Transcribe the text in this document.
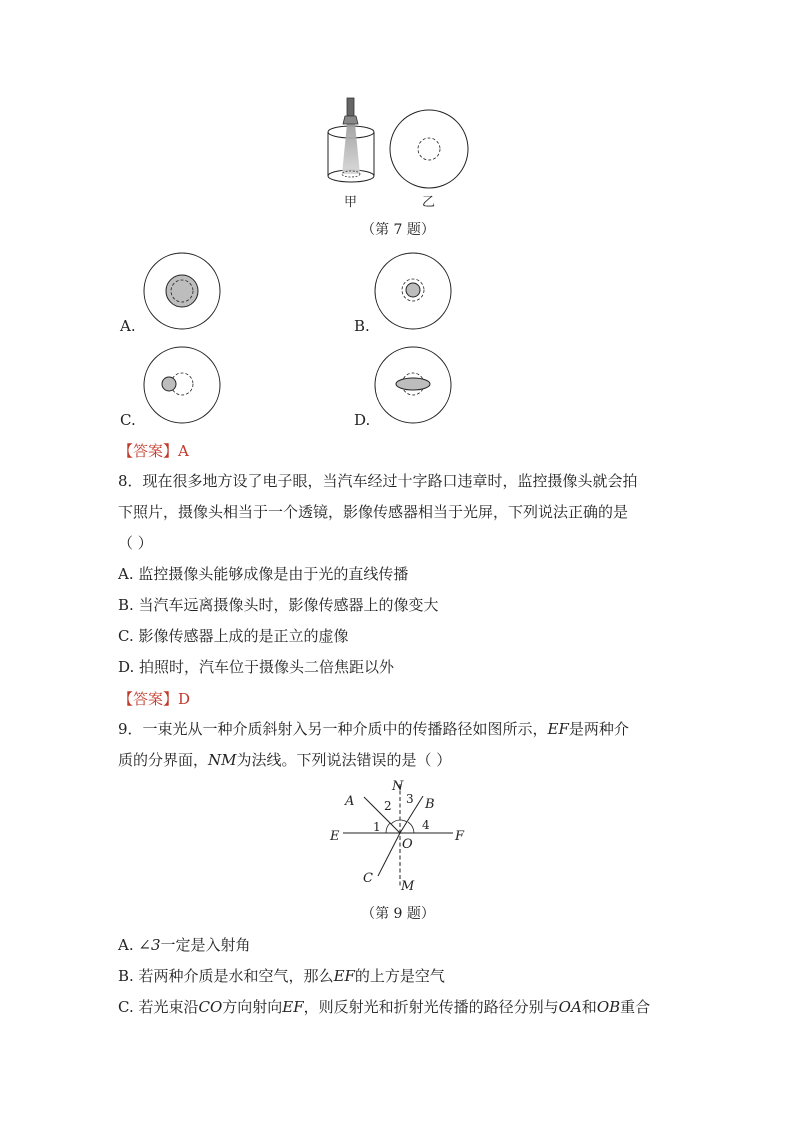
甲	乙
（第 7 题）
A.	B.
C.	D.
【答案】A
8．现在很多地方设了电子眼，当汽车经过十字路口违章时，监控摄像头就会拍
下照片，摄像头相当于一个透镜，影像传感器相当于光屏，下列说法正确的是
（ ）
A. 监控摄像头能够成像是由于光的直线传播
B. 当汽车远离摄像头时，影像传感器上的像变大
C. 影像传感器上成的是正立的虚像
D. 拍照时，汽车位于摄像头二倍焦距以外
【答案】D
9．一束光从一种介质斜射入另一种介质中的传播路径如图所示，EF是两种介
质的分界面，NM为法线。下列说法错误的是（ ）
A	B
C
E	F
N
M
O
1
2 3
4
（第 9 题）
A. ∠3一定是入射角
B. 若两种介质是水和空气，那么EF的上方是空气
C. 若光束沿CO方向射向EF，则反射光和折射光传播的路径分别与OA和OB重合
